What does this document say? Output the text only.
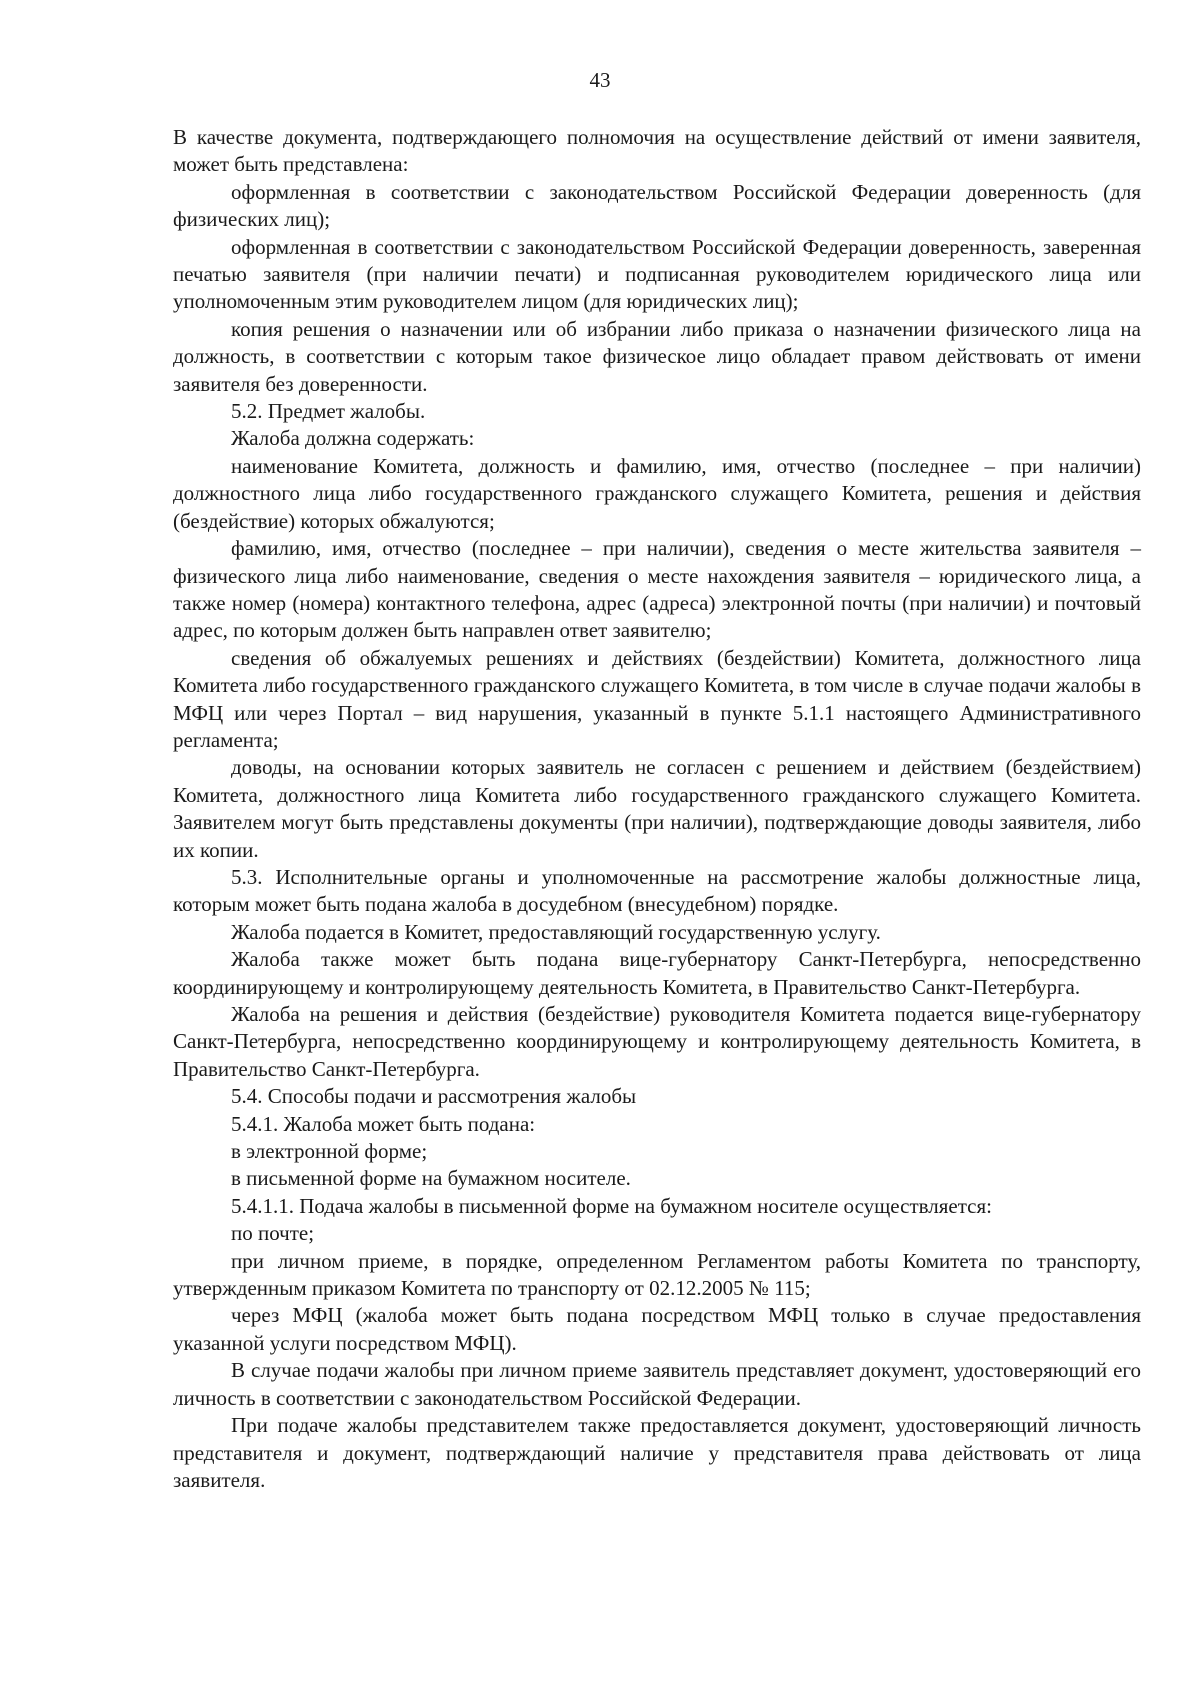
43

В качестве документа, подтверждающего полномочия на осуществление действий от имени заявителя, может быть представлена:

оформленная в соответствии с законодательством Российской Федерации доверенность (для физических лиц);

оформленная в соответствии с законодательством Российской Федерации доверенность, заверенная печатью заявителя (при наличии печати) и подписанная руководителем юридического лица или уполномоченным этим руководителем лицом (для юридических лиц);

копия решения о назначении или об избрании либо приказа о назначении физического лица на должность, в соответствии с которым такое физическое лицо обладает правом действовать от имени заявителя без доверенности.

5.2. Предмет жалобы.

Жалоба должна содержать:

наименование Комитета, должность и фамилию, имя, отчество (последнее – при наличии) должностного лица либо государственного гражданского служащего Комитета, решения и действия (бездействие) которых обжалуются;

фамилию, имя, отчество (последнее – при наличии), сведения о месте жительства заявителя – физического лица либо наименование, сведения о месте нахождения заявителя – юридического лица, а также номер (номера) контактного телефона, адрес (адреса) электронной почты (при наличии) и почтовый адрес, по которым должен быть направлен ответ заявителю;

сведения об обжалуемых решениях и действиях (бездействии) Комитета, должностного лица Комитета либо государственного гражданского служащего Комитета, в том числе в случае подачи жалобы в МФЦ или через Портал – вид нарушения, указанный в пункте 5.1.1 настоящего Административного регламента;

доводы, на основании которых заявитель не согласен с решением и действием (бездействием) Комитета, должностного лица Комитета либо государственного гражданского служащего Комитета. Заявителем могут быть представлены документы (при наличии), подтверждающие доводы заявителя, либо их копии.

5.3. Исполнительные органы и уполномоченные на рассмотрение жалобы должностные лица, которым может быть подана жалоба в досудебном (внесудебном) порядке.

Жалоба подается в Комитет, предоставляющий государственную услугу.

Жалоба также может быть подана вице-губернатору Санкт-Петербурга, непосредственно координирующему и контролирующему деятельность Комитета, в Правительство Санкт-Петербурга.

Жалоба на решения и действия (бездействие) руководителя Комитета подается вице-губернатору Санкт-Петербурга, непосредственно координирующему и контролирующему деятельность Комитета, в Правительство Санкт-Петербурга.

5.4. Способы подачи и рассмотрения жалобы

5.4.1. Жалоба может быть подана:

в электронной форме;

в письменной форме на бумажном носителе.

5.4.1.1. Подача жалобы в письменной форме на бумажном носителе осуществляется:

по почте;

при личном приеме, в порядке, определенном Регламентом работы Комитета по транспорту, утвержденным приказом Комитета по транспорту от 02.12.2005 № 115;

через МФЦ (жалоба может быть подана посредством МФЦ только в случае предоставления указанной услуги посредством МФЦ).

В случае подачи жалобы при личном приеме заявитель представляет документ, удостоверяющий его личность в соответствии с законодательством Российской Федерации.

При подаче жалобы представителем также предоставляется документ, удостоверяющий личность представителя и документ, подтверждающий наличие у представителя права действовать от лица заявителя.
